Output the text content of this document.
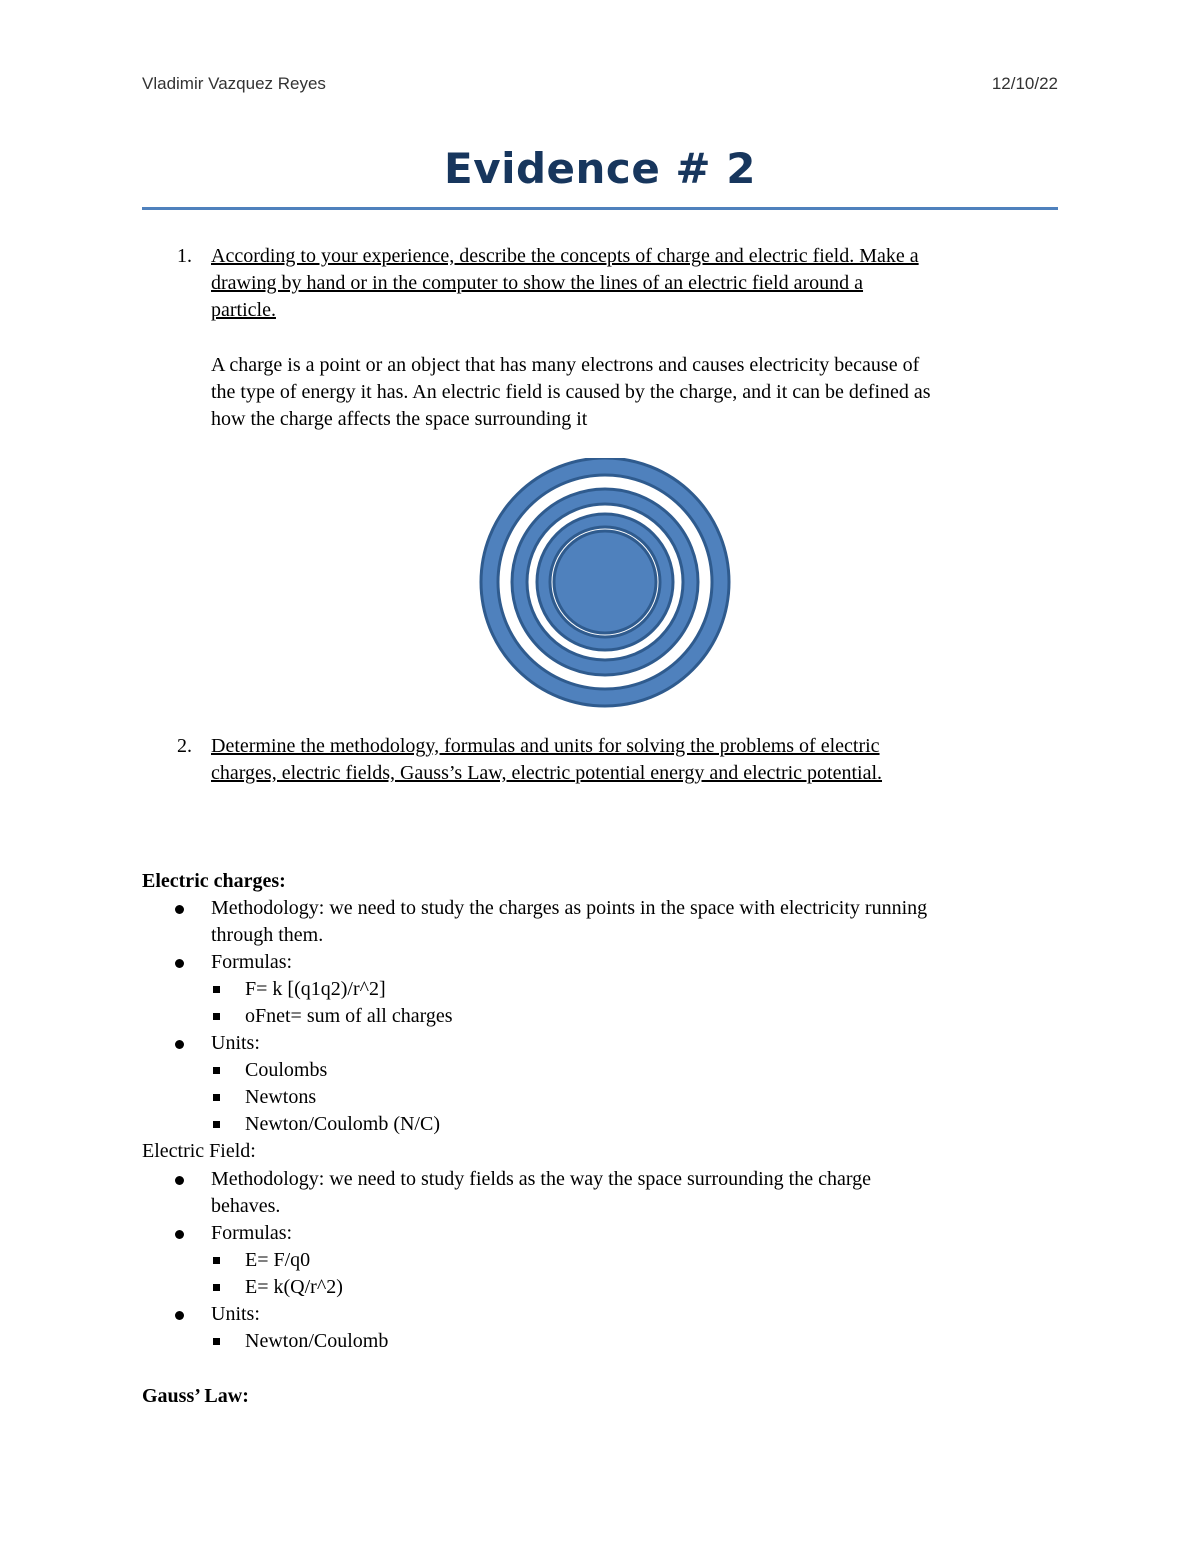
Vladimir Vazquez Reyes	12/10/22
Evidence # 2
1. According to your experience, describe the concepts of charge and electric field. Make a
drawing by hand or in the computer to show the lines of an electric field around a
particle.
A charge is a point or an object that has many electrons and causes electricity because of
the type of energy it has. An electric field is caused by the charge, and it can be defined as
how the charge affects the space surrounding it
2. Determine the methodology, formulas and units for solving the problems of electric
charges, electric fields, Gauss’s Law, electric potential energy and electric potential.
Electric charges:
Methodology: we need to study the charges as points in the space with electricity running
through them.
Formulas:
F= k [(q1q2)/r^2]
oFnet= sum of all charges
Units:
Coulombs
Newtons
Newton/Coulomb (N/C)
Electric Field:
Methodology: we need to study fields as the way the space surrounding the charge
behaves.
Formulas:
E= F/q0
E= k(Q/r^2)
Units:
Newton/Coulomb
Gauss’ Law:
